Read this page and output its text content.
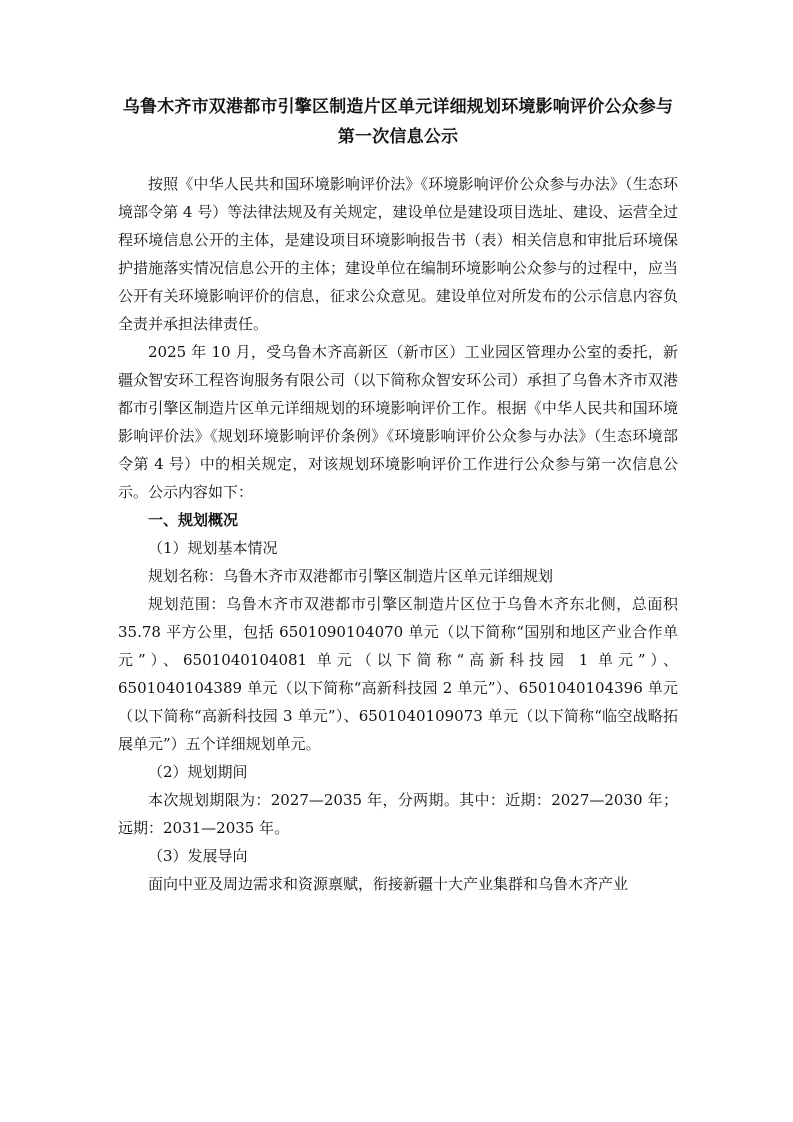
乌鲁木齐市双港都市引擎区制造片区单元详细规划环境影响评价公众参与第一次信息公示

按照《中华人民共和国环境影响评价法》《环境影响评价公众参与办法》（生态环境部令第 4 号）等法律法规及有关规定，建设单位是建设项目选址、建设、运营全过程环境信息公开的主体，是建设项目环境影响报告书（表）相关信息和审批后环境保护措施落实情况信息公开的主体；建设单位在编制环境影响公众参与的过程中，应当公开有关环境影响评价的信息，征求公众意见。建设单位对所发布的公示信息内容负全责并承担法律责任。

2025 年 10 月，受乌鲁木齐高新区（新市区）工业园区管理办公室的委托，新疆众智安环工程咨询服务有限公司（以下简称众智安环公司）承担了乌鲁木齐市双港都市引擎区制造片区单元详细规划的环境影响评价工作。根据《中华人民共和国环境影响评价法》《规划环境影响评价条例》《环境影响评价公众参与办法》（生态环境部令第 4 号）中的相关规定，对该规划环境影响评价工作进行公众参与第一次信息公示。公示内容如下：

一、规划概况

（1）规划基本情况

规划名称：乌鲁木齐市双港都市引擎区制造片区单元详细规划

规划范围：乌鲁木齐市双港都市引擎区制造片区位于乌鲁木齐东北侧，总面积 35.78 平方公里，包括 6501090104070 单元（以下简称“国别和地区产业合作单元”）、6501040104081 单元（以下简称“高新科技园 1 单元”）、6501040104389 单元（以下简称“高新科技园 2 单元”）、6501040104396 单元（以下简称“高新科技园 3 单元”）、6501040109073 单元（以下简称“临空战略拓展单元”）五个详细规划单元。

（2）规划期间

本次规划期限为：2027—2035 年，分两期。其中：近期：2027—2030 年；远期：2031—2035 年。

（3）发展导向

面向中亚及周边需求和资源禀赋，衔接新疆十大产业集群和乌鲁木齐产业
